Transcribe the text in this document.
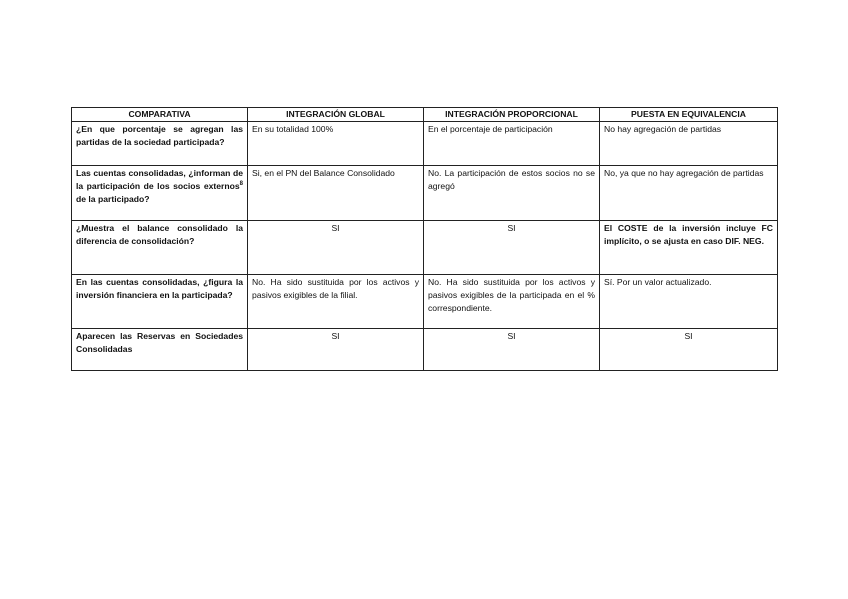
COMPARATIVA	INTEGRACIÓN GLOBAL	INTEGRACIÓN PROPORCIONAL	PUESTA EN EQUIVALENCIA
¿En que porcentaje se agregan las partidas de la sociedad participada?	En su totalidad 100%	En el porcentaje de participación	No hay agregación de partidas
Las cuentas consolidadas, ¿informan de la participación de los socios externos$^8$ de la participado?	Si, en el PN del Balance Consolidado	No. La participación de estos socios no se agregó	No, ya que no hay agregación de partidas
¿Muestra el balance consolidado la diferencia de consolidación?	SI	SI	El COSTE de la inversión incluye FC implícito, o se ajusta en caso DIF. NEG.
En las cuentas consolidadas, ¿figura la inversión financiera en la participada?	No. Ha sido sustituida por los activos y pasivos exigibles de la filial.	No. Ha sido sustituida por los activos y pasivos exigibles de la participada en el % correspondiente.	Sí. Por un valor actualizado.
Aparecen las Reservas en Sociedades Consolidadas	SI	SI	SI
